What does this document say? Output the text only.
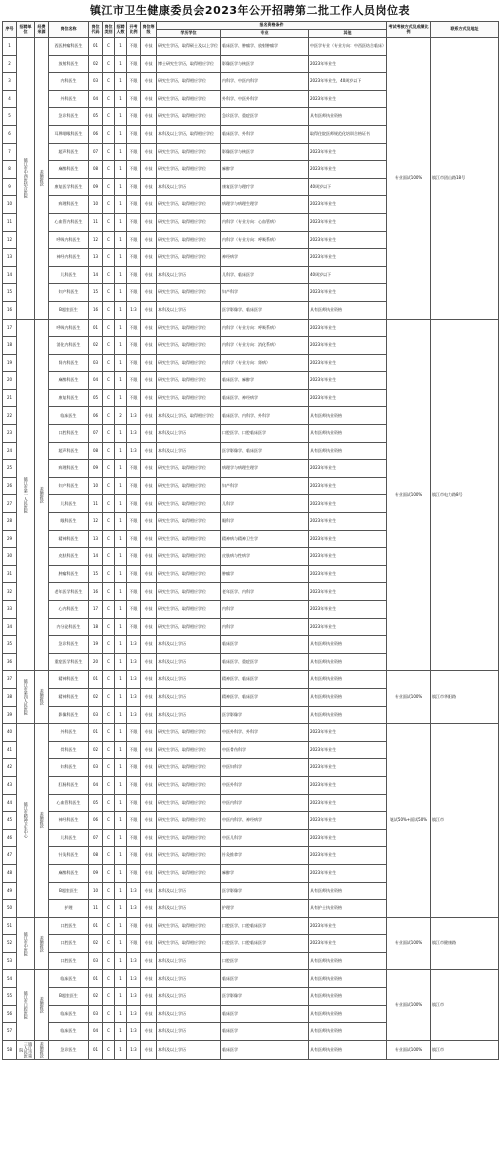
镇江市卫生健康委员会2023年公开招聘第二批工作人员岗位表
序号	招聘单位	经费来源	岗位名称	岗位代码	岗位类别	招聘人数	开考比例	岗位等级	报名资格条件			考试考核方式及成绩比例	联系方式及地址
									学历学位	专业	其他		
1	镇江市中西医结合医院	差额拨款	西医肿瘤科医生	01	C	1	不限	专技	研究生学历，取得硕士及以上学位	临床医学、肿瘤学、放射肿瘤学	中医学专业（专业方向：中西医结合临床）	专业面试100%	镇江市团山路18号
2			放射科医生	02	C	1	不限	专技	博士研究生学历，取得相应学位	影像医学与核医学	2023年毕业生		
3			内科医生	03	C	1	不限	专技	研究生学历，取得相应学位	内科学、中医内科学	2023年毕业生，40周岁以下		
4			外科医生	04	C	1	不限	专技	研究生学历，取得相应学位	外科学、中医外科学	2023年毕业生		
5			急诊科医生	05	C	1	不限	专技	研究生学历，取得相应学位	急诊医学、重症医学	具有医师执业资格		
6			耳鼻咽喉科医生	06	C	1	不限	专技	本科及以上学历，取得相应学位	临床医学、外科学	取得住院医师规范化培训合格证书		
7			超声科医生	07	C	1	不限	专技	研究生学历，取得相应学位	影像医学与核医学	2023年毕业生		
8			麻醉科医生	08	C	1	不限	专技	研究生学历，取得相应学位	麻醉学	2023年毕业生		
9			康复医学科医生	09	C	1	不限	专技	本科及以上学历	康复医学与理疗学	40周岁以下		
10			病理科医生	10	C	1	不限	专技	研究生学历，取得相应学位	病理学与病理生理学	2023年毕业生		
11			心血管内科医生	11	C	1	不限	专技	研究生学历，取得相应学位	内科学（专业方向：心血管病）	2023年毕业生		
12			呼吸内科医生	12	C	1	不限	专技	研究生学历，取得相应学位	内科学（专业方向：呼吸系病）	2023年毕业生		
13			神经内科医生	13	C	1	不限	专技	研究生学历，取得相应学位	神经病学	2023年毕业生		
14			儿科医生	14	C	1	不限	专技	本科及以上学历	儿科学、临床医学	40周岁以下		
15			妇产科医生	15	C	1	不限	专技	研究生学历，取得相应学位	妇产科学	2023年毕业生		
16			B超室医生	16	C	1	1:3	专技	本科及以上学历	医学影像学、临床医学	具有医师执业资格		
17	镇江市第一人民医院	差额拨款	呼吸内科医生	01	C	1	不限	专技	研究生学历，取得相应学位	内科学（专业方向：呼吸系病）	2023年毕业生	专业面试100%	镇江市电力路8号
18			消化内科医生	02	C	1	不限	专技	研究生学历，取得相应学位	内科学（专业方向：消化系病）	2023年毕业生		
19			肾内科医生	03	C	1	不限	专技	研究生学历，取得相应学位	内科学（专业方向：肾病）	2023年毕业生		
20			麻醉科医生	04	C	1	不限	专技	研究生学历，取得相应学位	临床医学、麻醉学	2023年毕业生		
21			康复科医生	05	C	1	不限	专技	研究生学历，取得相应学位	临床医学、神经病学	2023年毕业生		
22			临床医生	06	C	2	1:3	专技	本科及以上学历，取得相应学位	临床医学、内科学、外科学	具有医师执业资格		
23			口腔科医生	07	C	1	1:3	专技	本科及以上学历	口腔医学、口腔临床医学	具有医师执业资格		
24			超声科医生	08	C	1	1:3	专技	本科及以上学历	医学影像学、临床医学	具有医师执业资格		
25			病理科医生	09	C	1	不限	专技	研究生学历，取得相应学位	病理学与病理生理学	2023年毕业生		
26			妇产科医生	10	C	1	不限	专技	研究生学历，取得相应学位	妇产科学	2023年毕业生		
27			儿科医生	11	C	1	不限	专技	研究生学历，取得相应学位	儿科学	2023年毕业生		
28			眼科医生	12	C	1	不限	专技	研究生学历，取得相应学位	眼科学	2023年毕业生		
29			精神科医生	13	C	1	不限	专技	研究生学历，取得相应学位	精神病与精神卫生学	2023年毕业生		
30			皮肤科医生	14	C	1	不限	专技	研究生学历，取得相应学位	皮肤病与性病学	2023年毕业生		
31			肿瘤科医生	15	C	1	不限	专技	研究生学历，取得相应学位	肿瘤学	2023年毕业生		
32			老年医学科医生	16	C	1	不限	专技	研究生学历，取得相应学位	老年医学、内科学	2023年毕业生		
33			心内科医生	17	C	1	不限	专技	研究生学历，取得相应学位	内科学	2023年毕业生		
34			内分泌科医生	18	C	1	不限	专技	研究生学历，取得相应学位	内科学	2023年毕业生		
35			急诊科医生	19	C	1	1:3	专技	本科及以上学历	临床医学	具有医师执业资格		
36			重症医学科医生	20	C	1	1:3	专技	本科及以上学历	临床医学、重症医学	具有医师执业资格		
37	镇江市第四人民医院	差额拨款	精神科医生	01	C	1	1:3	专技	本科及以上学历	精神医学、临床医学	具有医师执业资格	专业面试100%	镇江市华阳路
38			精神科医生	02	C	1	1:3	专技	本科及以上学历	精神医学、临床医学	具有医师执业资格		
39			影像科医生	03	C	1	1:3	专技	本科及以上学历	医学影像学	具有医师执业资格		
40	镇江市精神卫生中心	差额拨款	外科医生	01	C	1	不限	专技	研究生学历，取得相应学位	中医外科学、外科学	2023年毕业生	笔试50%+面试50%	镇江市
41			骨科医生	02	C	1	不限	专技	研究生学历，取得相应学位	中医骨伤科学	2023年毕业生		
42			妇科医生	03	C	1	不限	专技	研究生学历，取得相应学位	中医妇科学	2023年毕业生		
43			肛肠科医生	04	C	1	不限	专技	研究生学历，取得相应学位	中医外科学	2023年毕业生		
44			心血管科医生	05	C	1	不限	专技	研究生学历，取得相应学位	中医内科学	2023年毕业生		
45			神经科医生	06	C	1	不限	专技	研究生学历，取得相应学位	中医内科学、神经病学	2023年毕业生		
46			儿科医生	07	C	1	不限	专技	研究生学历，取得相应学位	中医儿科学	2023年毕业生		
47			针灸科医生	08	C	1	不限	专技	研究生学历，取得相应学位	针灸推拿学	2023年毕业生		
48			麻醉科医生	09	C	1	不限	专技	研究生学历，取得相应学位	麻醉学	2023年毕业生		
49			B超室医生	10	C	1	1:3	专技	本科及以上学历	医学影像学	具有医师执业资格		
50			护理	11	C	1	1:3	专技	本科及以上学历	护理学	具有护士执业资格		
51	镇江市中医院	差额拨款	口腔医生	01	C	1	不限	专技	研究生学历，取得相应学位	口腔医学、口腔临床医学	2023年毕业生	专业面试100%	镇江市健康路
52			口腔医生	02	C	1	不限	专技	研究生学历，取得相应学位	口腔医学、口腔临床医学	2023年毕业生		
53			口腔医生	03	C	1	1:3	专技	本科及以上学历	口腔医学	具有医师执业资格		
54	镇江市口腔医院	差额拨款	临床医生	01	C	1	1:3	专技	本科及以上学历	临床医学	具有医师执业资格	专业面试100%	镇江市
55			B超室医生	02	C	1	1:3	专技	本科及以上学历	医学影像学	具有医师执业资格		
56			临床医生	03	C	1	1:3	专技	本科及以上学历	临床医学	具有医师执业资格		
57			临床医生	04	C	1	1:3	专技	本科及以上学历	临床医学	具有医师执业资格		
58	镇江市第三人民医院	差额拨款	急诊医生	01	C	1	1:3	专技	本科及以上学历	临床医学	具有医师执业资格	专业面试100%	镇江市
